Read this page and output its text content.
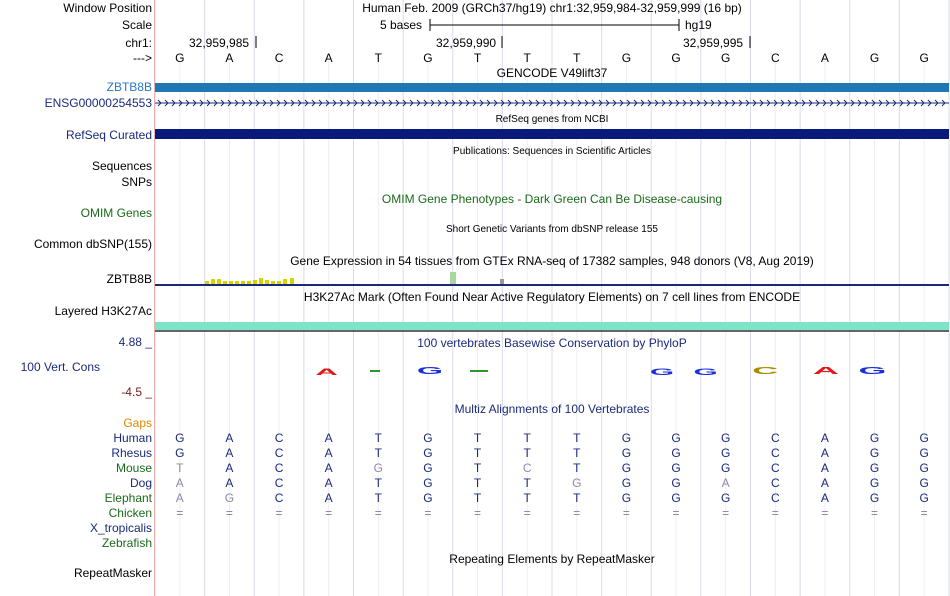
A	G	G G C A G
Window Position	Human Feb. 2009 (GRCh37/hg19) chr1:32,959,984-32,959,999 (16 bp)
Scale	5 bases	hg19
chr1:	32,959,985	32,959,990	32,959,995
---> G	A	C	A	T	G	T	T	T	G	G	G	C	A	G	G
GENCODE V49lift37
ZBTB8B
ENSG00000254553
RefSeq genes from NCBI
RefSeq Curated
Publications: Sequences in Scientific Articles
Sequences
SNPs
OMIM Gene Phenotypes - Dark Green Can Be Disease-causing
OMIM Genes
Short Genetic Variants from dbSNP release 155
Common dbSNP(155)
Gene Expression in 54 tissues from GTEx RNA-seq of 17382 samples, 948 donors (V8, Aug 2019)
ZBTB8B
H3K27Ac Mark (Often Found Near Active Regulatory Elements) on 7 cell lines from ENCODE
Layered H3K27Ac
100 vertebrates Basewise Conservation by PhyloP
4.88 _
100 Vert. Cons
-4.5 _
Multiz Alignments of 100 Vertebrates
Gaps
Human G	A	C	A	T	G	T	T	T	G	G	G	C	A	G	G
Rhesus G	A	C	A	T	G	T	T	T	G	G	G	C	A	G	G
Mouse T	A	C	A	G	G	T	C	T	G	G	G	C	A	G	G
Dog A	A	C	A	T	G	T	T	G	G	G	A	C	A	G	G
Elephant A	G	C	A	T	G	T	T	T	G	G	G	C	A	G	G
Chicken =	=	=	=	=	=	=	=	=	=	=	=	=	=	=	=
X_tropicalis
Zebrafish
Repeating Elements by RepeatMasker
RepeatMasker
